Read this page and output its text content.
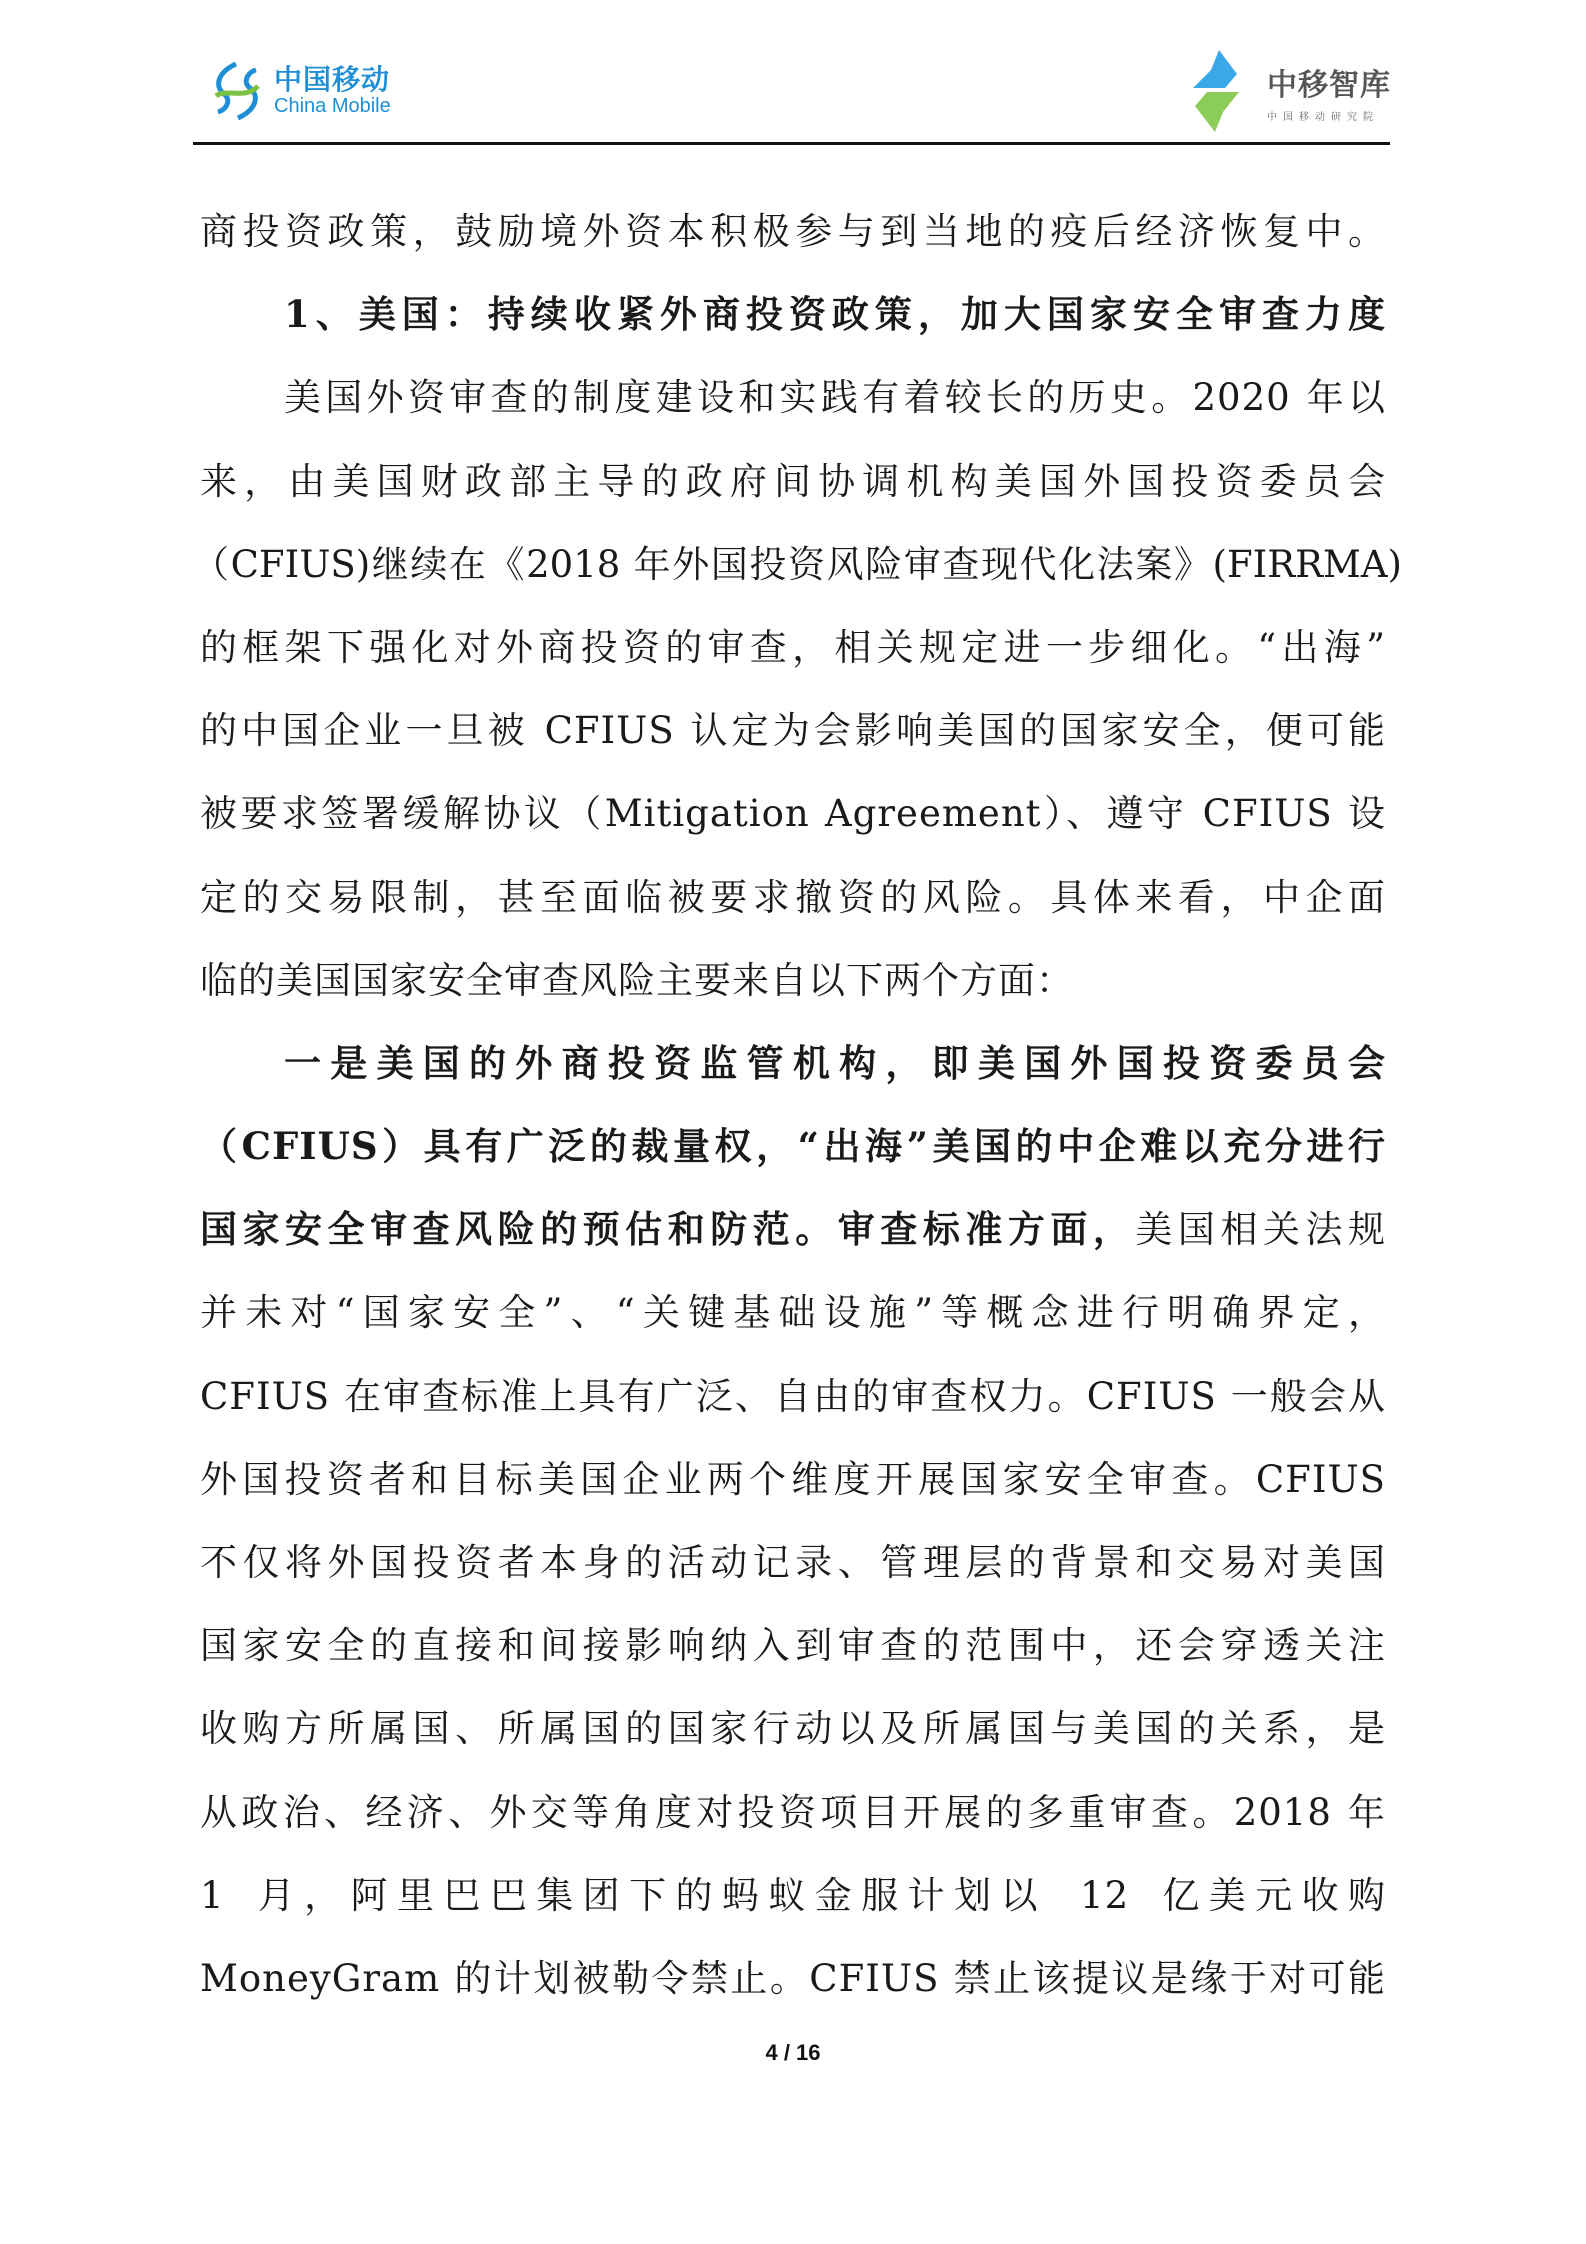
中国移动
China Mobile
中移智库
中国移动研究院
商投资政策，鼓励境外资本积极参与到当地的疫后经济恢复中。
1、美国：持续收紧外商投资政策，加大国家安全审查力度
美国外资审查的制度建设和实践有着较长的历史。2020 年以
来，由美国财政部主导的政府间协调机构美国外国投资委员会
（CFIUS)继续在《2018 年外国投资风险审查现代化法案》(FIRRMA)
的框架下强化对外商投资的审查，相关规定进一步细化。“出海”
的中国企业一旦被 CFIUS 认定为会影响美国的国家安全，便可能
被要求签署缓解协议（Mitigation Agreement）、遵守 CFIUS 设
定的交易限制，甚至面临被要求撤资的风险。具体来看，中企面
临的美国国家安全审查风险主要来自以下两个方面：
一是美国的外商投资监管机构，即美国外国投资委员会
（CFIUS）具有广泛的裁量权，“出海”美国的中企难以充分进行
国家安全审查风险的预估和防范。审查标准方面，美国相关法规
并未对“国家安全”、“关键基础设施”等概念进行明确界定，
CFIUS 在审查标准上具有广泛、自由的审查权力。CFIUS 一般会从
外国投资者和目标美国企业两个维度开展国家安全审查。CFIUS
不仅将外国投资者本身的活动记录、管理层的背景和交易对美国
国家安全的直接和间接影响纳入到审查的范围中，还会穿透关注
收购方所属国、所属国的国家行动以及所属国与美国的关系，是
从政治、经济、外交等角度对投资项目开展的多重审查。2018 年
1 月，阿里巴巴集团下的蚂蚁金服计划以 12 亿美元收购
MoneyGram 的计划被勒令禁止。CFIUS 禁止该提议是缘于对可能
4 / 16
